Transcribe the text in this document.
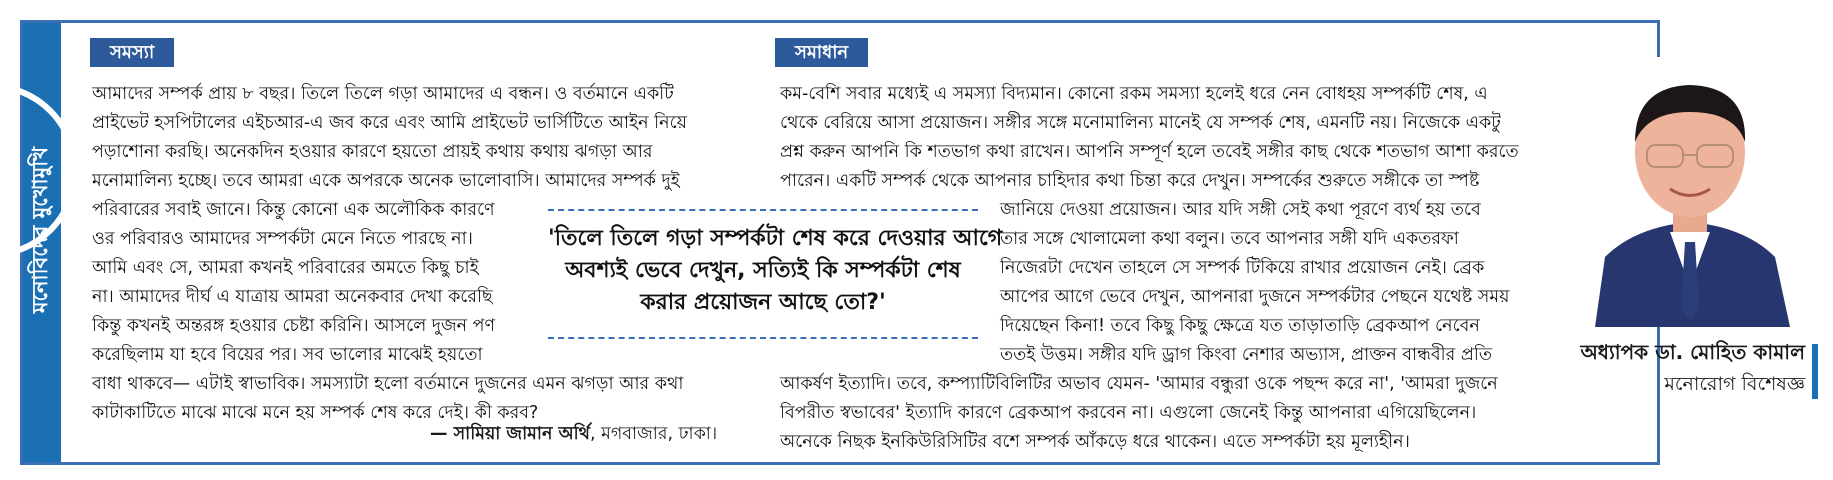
মনোবিদের মুখোমুখি
সমস্যা	সমাধান
আমাদের সম্পর্ক প্রায় ৮ বছর। তিলে তিলে গড়া আমাদের এ বন্ধন। ও বর্তমানে একটি
প্রাইভেট হসপিটালের এইচআর-এ জব করে এবং আমি প্রাইভেট ভার্সিটিতে আইন নিয়ে
পড়াশোনা করছি। অনেকদিন হওয়ার কারণে হয়তো প্রায়ই কথায় কথায় ঝগড়া আর
মনোমালিন্য হচ্ছে। তবে আমরা একে অপরকে অনেক ভালোবাসি। আমাদের সম্পর্ক দুই
পরিবারের সবাই জানে। কিন্তু কোনো এক অলৌকিক কারণে
ওর পরিবারও আমাদের সম্পর্কটা মেনে নিতে পারছে না।
আমি এবং সে, আমরা কখনই পরিবারের অমতে কিছু চাই
না। আমাদের দীর্ঘ এ যাত্রায় আমরা অনেকবার দেখা করেছি
কিন্তু কখনই অন্তরঙ্গ হওয়ার চেষ্টা করিনি। আসলে দুজন পণ
করেছিলাম যা হবে বিয়ের পর। সব ভালোর মাঝেই হয়তো
বাধা থাকবে— এটাই স্বাভাবিক। সমস্যাটা হলো বর্তমানে দুজনের এমন ঝগড়া আর কথা
কাটাকাটিতে মাঝে মাঝে মনে হয় সম্পর্ক শেষ করে দেই। কী করব?
— সামিয়া জামান অর্থি, মগবাজার, ঢাকা।
কম-বেশি সবার মধ্যেই এ সমস্যা বিদ্যমান। কোনো রকম সমস্যা হলেই ধরে নেন বোধহয় সম্পর্কটি শেষ, এ
থেকে বেরিয়ে আসা প্রয়োজন। সঙ্গীর সঙ্গে মনোমালিন্য মানেই যে সম্পর্ক শেষ, এমনটি নয়। নিজেকে একটু
প্রশ্ন করুন আপনি কি শতভাগ কথা রাখেন। আপনি সম্পূর্ণ হলে তবেই সঙ্গীর কাছ থেকে শতভাগ আশা করতে
পারেন। একটি সম্পর্ক থেকে আপনার চাহিদার কথা চিন্তা করে দেখুন। সম্পর্কের শুরুতে সঙ্গীকে তা স্পষ্ট
জানিয়ে দেওয়া প্রয়োজন। আর যদি সঙ্গী সেই কথা পূরণে ব্যর্থ হয় তবে
তার সঙ্গে খোলামেলা কথা বলুন। তবে আপনার সঙ্গী যদি একতরফা
নিজেরটা দেখেন তাহলে সে সম্পর্ক টিকিয়ে রাখার প্রয়োজন নেই। ব্রেক
আপের আগে ভেবে দেখুন, আপনারা দুজনে সম্পর্কটার পেছনে যথেষ্ট সময়
দিয়েছেন কিনা! তবে কিছু কিছু ক্ষেত্রে যত তাড়াতাড়ি ব্রেকআপ নেবেন
ততই উত্তম। সঙ্গীর যদি ড্রাগ কিংবা নেশার অভ্যাস, প্রাক্তন বান্ধবীর প্রতি
আকর্ষণ ইত্যাদি। তবে, কম্প্যাটিবিলিটির অভাব যেমন- 'আমার বন্ধুরা ওকে পছন্দ করে না', 'আমরা দুজনে
বিপরীত স্বভাবের' ইত্যাদি কারণে ব্রেকআপ করবেন না। এগুলো জেনেই কিন্তু আপনারা এগিয়েছিলেন।
অনেকে নিছক ইনকিউরিসিটির বশে সম্পর্ক আঁকড়ে ধরে থাকেন। এতে সম্পর্কটা হয় মূল্যহীন।
'তিলে তিলে গড়া সম্পর্কটা শেষ করে দেওয়ার আগে
অবশ্যই ভেবে দেখুন, সত্যিই কি সম্পর্কটা শেষ
করার প্রয়োজন আছে তো?'
অধ্যাপক ডা. মোহিত কামাল
মনোরোগ বিশেষজ্ঞ
